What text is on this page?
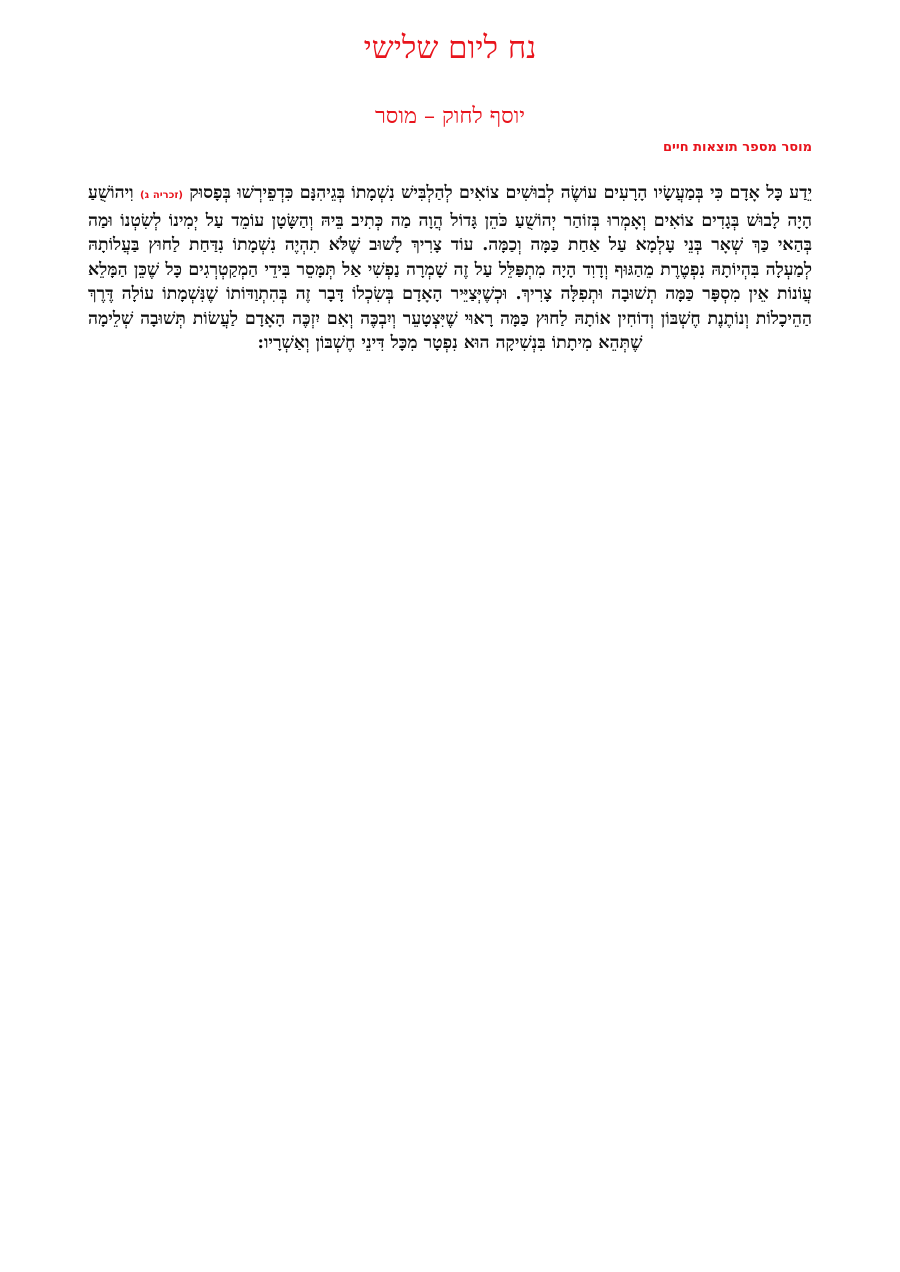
נח ליום שלישי
יוסף לחוק – מוסר
מוסר מספר תוצאות חיים

יֵדַע כָּל אָדָם כִּי בְּמַעֲשָׂיו הָרָעִים עוֹשֶׂה לְבוּשִׁים צוֹאִים לְהַלְבִּישׁ נִשְׁמָתוֹ בְּגֵיהִנָּם כִּדְפֵירְשׁוּ בְּפָסוּק (זכריה ג) וִיהוֹשֻׁעַ הָיָה לָבוּשׁ בְּגָדִים צוֹאִים וְאָמְרוּ בְּזוֹהַר יְהוֹשֻׁעַ כֹּהֵן גָּדוֹל הֲוָה מַה כְּתִיב בֵּיהּ וְהַשָּׂטָן עוֹמֵד עַל יְמִינוֹ לְשִׂטְנוֹ וּמַה בְּהַאי כַּךְ שְׁאָר בְּנֵי עָלְמָא עַל אַחַת כַּמָּה וְכַמָּה. עוֹד צָרִיךְ לָשׁוּב שֶׁלֹּא תִהְיֶה נִשְׁמָתוֹ נִדַּחַת לַחוּץ בַּעֲלוֹתָהּ לְמַעְלָה בִּהְיוֹתָהּ נִפְטֶרֶת מֵהַגּוּף וְדָוִד הָיָה מִתְפַּלֵּל עַל זֶה שָׁמְרָה נַפְשִׁי אַל תְּמָּסֵר בִּידֵי הַמְקַטְרְגִים כָּל שֶׁכֵּן הַמָּלֵא עֲוֹנוֹת אֵין מִסְפָּר כַּמָּה תְשׁוּבָה וּתְפִלָּה צָרִיךְ. וּכְשֶׁיְּצַיֵּיר הָאָדָם בְּשִׂכְלוֹ דָּבָר זֶה בְּהִתְוַדּוֹתוֹ שֶׁנִּשְׁמָתוֹ עוֹלָה דֶּרֶךְ הַהֵיכָלוֹת וְנוֹתֶנֶת חֶשְׁבּוֹן וְדוֹחִין אוֹתָהּ לַחוּץ כַּמָּה רָאוּי שֶׁיִּצְטָעֵר וְיִבְכֶּה וְאִם יִזְכֶּה הָאָדָם לַעֲשׂוֹת תְּשׁוּבָה שְׁלֵימָה שֶׁתְּהֵא מִיתָתוֹ בִּנְשִׁיקָה הוּא נִפְטָר מִכָּל דִּינֵי חֶשְׁבּוֹן וְאַשְׁרָיו:
